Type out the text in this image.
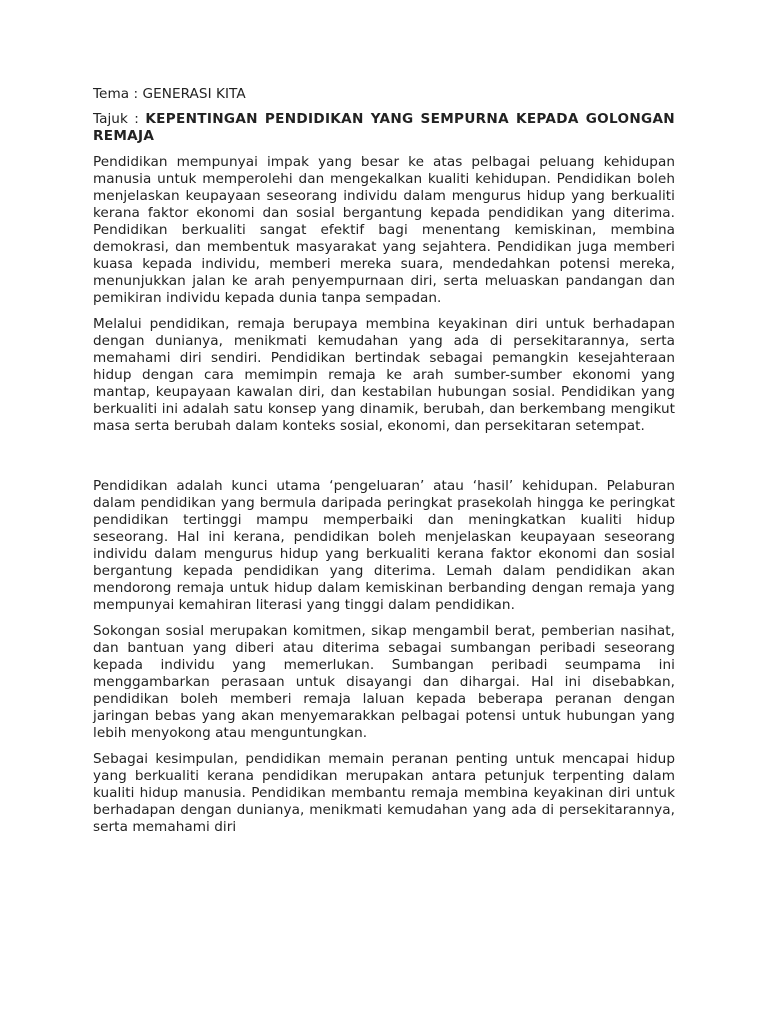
Tema : GENERASI KITA

Tajuk : KEPENTINGAN PENDIDIKAN YANG SEMPURNA KEPADA GOLONGAN REMAJA

Pendidikan mempunyai impak yang besar ke atas pelbagai peluang kehidupan manusia untuk memperolehi dan mengekalkan kualiti kehidupan. Pendidikan boleh menjelaskan keupayaan seseorang individu dalam mengurus hidup yang berkualiti kerana faktor ekonomi dan sosial bergantung kepada pendidikan yang diterima. Pendidikan berkualiti sangat efektif bagi menentang kemiskinan, membina demokrasi, dan membentuk masyarakat yang sejahtera. Pendidikan juga memberi kuasa kepada individu, memberi mereka suara, mendedahkan potensi mereka, menunjukkan jalan ke arah penyempurnaan diri, serta meluaskan pandangan dan pemikiran individu kepada dunia tanpa sempadan.

Melalui pendidikan, remaja berupaya membina keyakinan diri untuk berhadapan dengan dunianya, menikmati kemudahan yang ada di persekitarannya, serta memahami diri sendiri. Pendidikan bertindak sebagai pemangkin kesejahteraan hidup dengan cara memimpin remaja ke arah sumber-sumber ekonomi yang mantap, keupayaan kawalan diri, dan kestabilan hubungan sosial. Pendidikan yang berkualiti ini adalah satu konsep yang dinamik, berubah, dan berkembang mengikut masa serta berubah dalam konteks sosial, ekonomi, dan persekitaran setempat.

Pendidikan adalah kunci utama ‘pengeluaran’ atau ‘hasil’ kehidupan. Pelaburan dalam pendidikan yang bermula daripada peringkat prasekolah hingga ke peringkat pendidikan tertinggi mampu memperbaiki dan meningkatkan kualiti hidup seseorang. Hal ini kerana, pendidikan boleh menjelaskan keupayaan seseorang individu dalam mengurus hidup yang berkualiti kerana faktor ekonomi dan sosial bergantung kepada pendidikan yang diterima. Lemah dalam pendidikan akan mendorong remaja untuk hidup dalam kemiskinan berbanding dengan remaja yang mempunyai kemahiran literasi yang tinggi dalam pendidikan.

Sokongan sosial merupakan komitmen, sikap mengambil berat, pemberian nasihat, dan bantuan yang diberi atau diterima sebagai sumbangan peribadi seseorang kepada individu yang memerlukan. Sumbangan peribadi seumpama ini menggambarkan perasaan untuk disayangi dan dihargai. Hal ini disebabkan, pendidikan boleh memberi remaja laluan kepada beberapa peranan dengan jaringan bebas yang akan menyemarakkan pelbagai potensi untuk hubungan yang lebih menyokong atau menguntungkan.

Sebagai kesimpulan, pendidikan memain peranan penting untuk mencapai hidup yang berkualiti kerana pendidikan merupakan antara petunjuk terpenting dalam kualiti hidup manusia. Pendidikan membantu remaja membina keyakinan diri untuk berhadapan dengan dunianya, menikmati kemudahan yang ada di persekitarannya, serta memahami diri
